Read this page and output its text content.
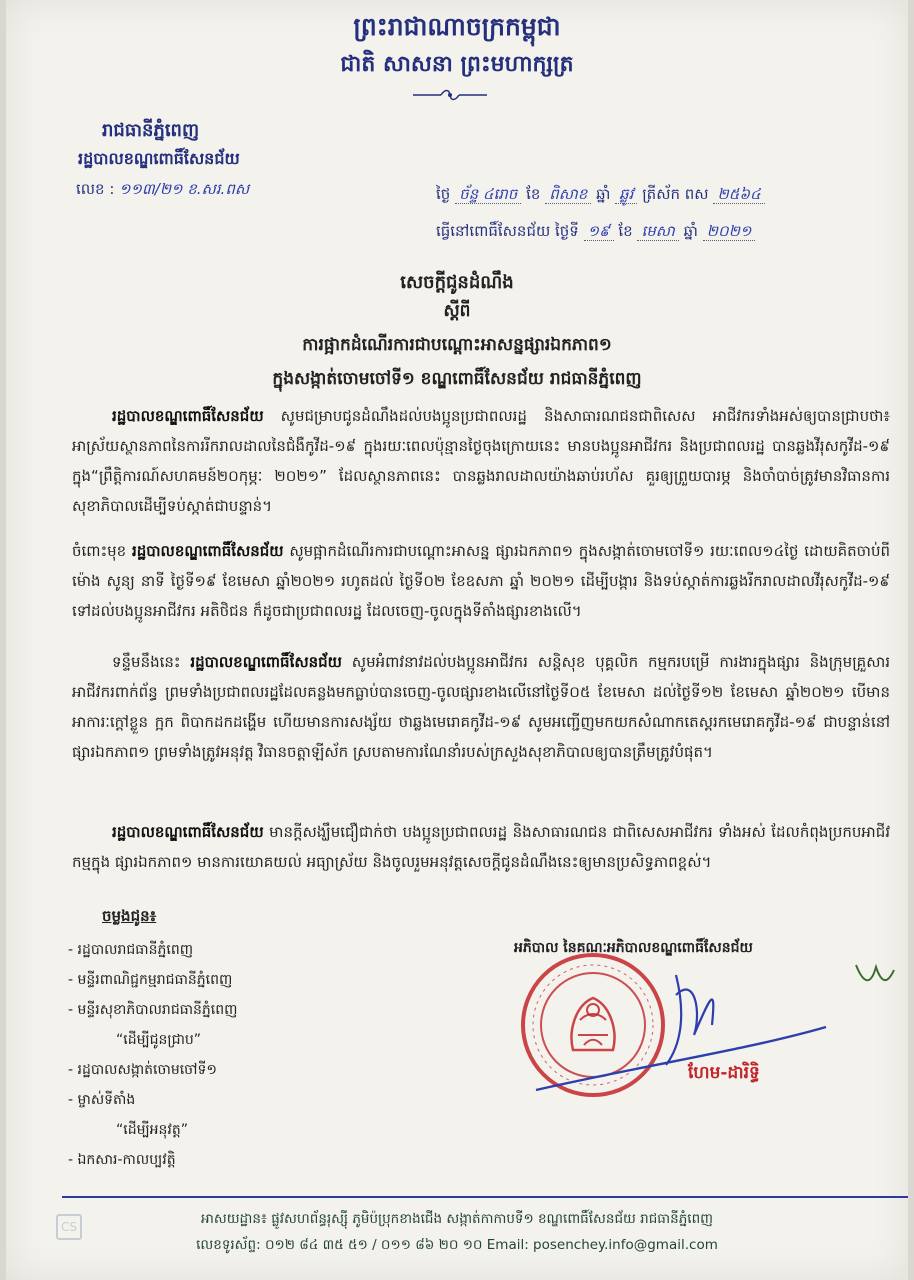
ព្រះរាជាណាចក្រកម្ពុជា
ជាតិ សាសនា ព្រះមហាក្សត្រ
រាជធានីភ្នំពេញ
រដ្ឋបាលខណ្ឌពោធិ៍សែនជ័យ
លេខ : ១១៣/២១ ខ.សរ.ពស	ថ្ងៃ ច័ន្ទ ៤រោច ខែ ពិសាខ ឆ្នាំ ឆ្លូវ ត្រីស័ក ពស ២៥៦៤
ធ្វើនៅពោធិ៍សែនជ័យ ថ្ងៃទី ១៩ ខែ មេសា ឆ្នាំ ២០២១
សេចក្តីជូនដំណឹង
ស្តីពី
ការផ្អាកដំណើរការជាបណ្តោះអាសន្នផ្សារឯកភាព១
ក្នុងសង្កាត់ចោមចៅទី១ ខណ្ឌពោធិ៍សែនជ័យ រាជធានីភ្នំពេញ
រដ្ឋបាលខណ្ឌពោធិ៍សែនជ័យ សូមជម្រាបជូនដំណឹងដល់បងប្អូនប្រជាពលរដ្ឋ និងសាធារណជនជាពិសេស អាជីវករទាំងអស់ឲ្យបានជ្រាបថា៖ អាស្រ័យស្ថានភាពនៃការរីករាលដាលនៃជំងឺកូវីដ-១៩ ក្នុងរយៈពេលប៉ុន្មានថ្ងៃចុងក្រោយនេះ មានបងប្អូនអាជីវករ និងប្រជាពលរដ្ឋ បានឆ្លងវីរុសកូវីដ-១៩ ក្នុង“ព្រឹត្តិការណ៍សហគមន៍២០កុម្ភៈ ២០២១” ដែលស្ថានភាពនេះ បានឆ្លងរាលដាលយ៉ាងឆាប់រហ័ស គួរឲ្យព្រួយបារម្ភ និងចាំបាច់ត្រូវមានវិធានការសុខាភិបាលដើម្បីទប់ស្កាត់ជាបន្ទាន់។
ចំពោះមុខ រដ្ឋបាលខណ្ឌពោធិ៍សែនជ័យ សូមផ្អាកដំណើរការជាបណ្តោះអាសន្ន ផ្សារឯកភាព១ ក្នុងសង្កាត់ចោមចៅទី១ រយៈពេល១៤ថ្ងៃ ដោយគិតចាប់ពីម៉ោង សូន្យ នាទី ថ្ងៃទី១៩ ខែមេសា ឆ្នាំ២០២១ រហូតដល់ ថ្ងៃទី០២ ខែឧសភា ឆ្នាំ ២០២១ ដើម្បីបង្ការ និងទប់ស្កាត់ការឆ្លងរីករាលដាលវីរុសកូវីដ-១៩ ទៅដល់បងប្អូនអាជីវករ អតិថិជន ក៏ដូចជាប្រជាពលរដ្ឋ ដែលចេញ-ចូលក្នុងទីតាំងផ្សារខាងលើ។
ទន្ទឹមនឹងនេះ រដ្ឋបាលខណ្ឌពោធិ៍សែនជ័យ សូមអំពាវនាវដល់បងប្អូនអាជីវករ សន្តិសុខ បុគ្គលិក កម្មករបម្រើ ការងារក្នុងផ្សារ និងក្រុមគ្រួសារអាជីវករពាក់ព័ន្ធ ព្រមទាំងប្រជាពលរដ្ឋដែលគន្លងមកធ្លាប់បានចេញ-ចូលផ្សារខាងលើនៅថ្ងៃទី០៥ ខែមេសា ដល់ថ្ងៃទី១២ ខែមេសា ឆ្នាំ២០២១ បើមានអាការៈក្តៅខ្លួន ក្អក ពិបាកដកដង្ហើម ហើយមានការសង្ស័យ ថាឆ្លងមេរោគកូវីដ-១៩ សូមអញ្ជើញមកយកសំណាកតេស្តរកមេរោគកូវីដ-១៩ ជាបន្ទាន់នៅផ្សារឯកភាព១ ព្រមទាំងត្រូវអនុវត្ត វិធានចត្តាឡីស័ក ស្របតាមការណែនាំរបស់ក្រសួងសុខាភិបាលឲ្យបានត្រឹមត្រូវបំផុត។
រដ្ឋបាលខណ្ឌពោធិ៍សែនជ័យ មានក្តីសង្ឃឹមជឿជាក់ថា បងប្អូនប្រជាពលរដ្ឋ និងសាធារណជន ជាពិសេសអាជីវករ ទាំងអស់ ដែលកំពុងប្រកបអាជីវកម្មក្នុង ផ្សារឯកភាព១ មានការយោគយល់ អធ្យាស្រ័យ និងចូលរួមអនុវត្តសេចក្តីជូនដំណឹងនេះឲ្យមានប្រសិទ្ធភាពខ្ពស់។
ចម្លងជូន៖
- រដ្ឋបាលរាជធានីភ្នំពេញ
- មន្ទីរពាណិជ្ជកម្មរាជធានីភ្នំពេញ
- មន្ទីរសុខាភិបាលរាជធានីភ្នំពេញ
“ដើម្បីជូនជ្រាប”
- រដ្ឋបាលសង្កាត់ចោមចៅទី១
- ម្ចាស់ទីតាំង
“ដើម្បីអនុវត្ត”
- ឯកសារ-កាលប្បវត្តិ
អភិបាល នៃគណៈអភិបាលខណ្ឌពោធិ៍សែនជ័យ
ហែម-ដារិទ្ធិ
CS	អាសយដ្ឋាន៖ ផ្លូវសហព័ន្ធរុស្ស៊ី ភូមិប៉ប្រុកខាងជើង សង្កាត់កាកាបទី១ ខណ្ឌពោធិ៍សែនជ័យ រាជធានីភ្នំពេញ
លេខទូរស័ព្ទ: ០១២ ៨៤ ៣៥ ៥១ / ០១១ ៨៦ ២០ ១០ Email: posenchey.info@gmail.com
